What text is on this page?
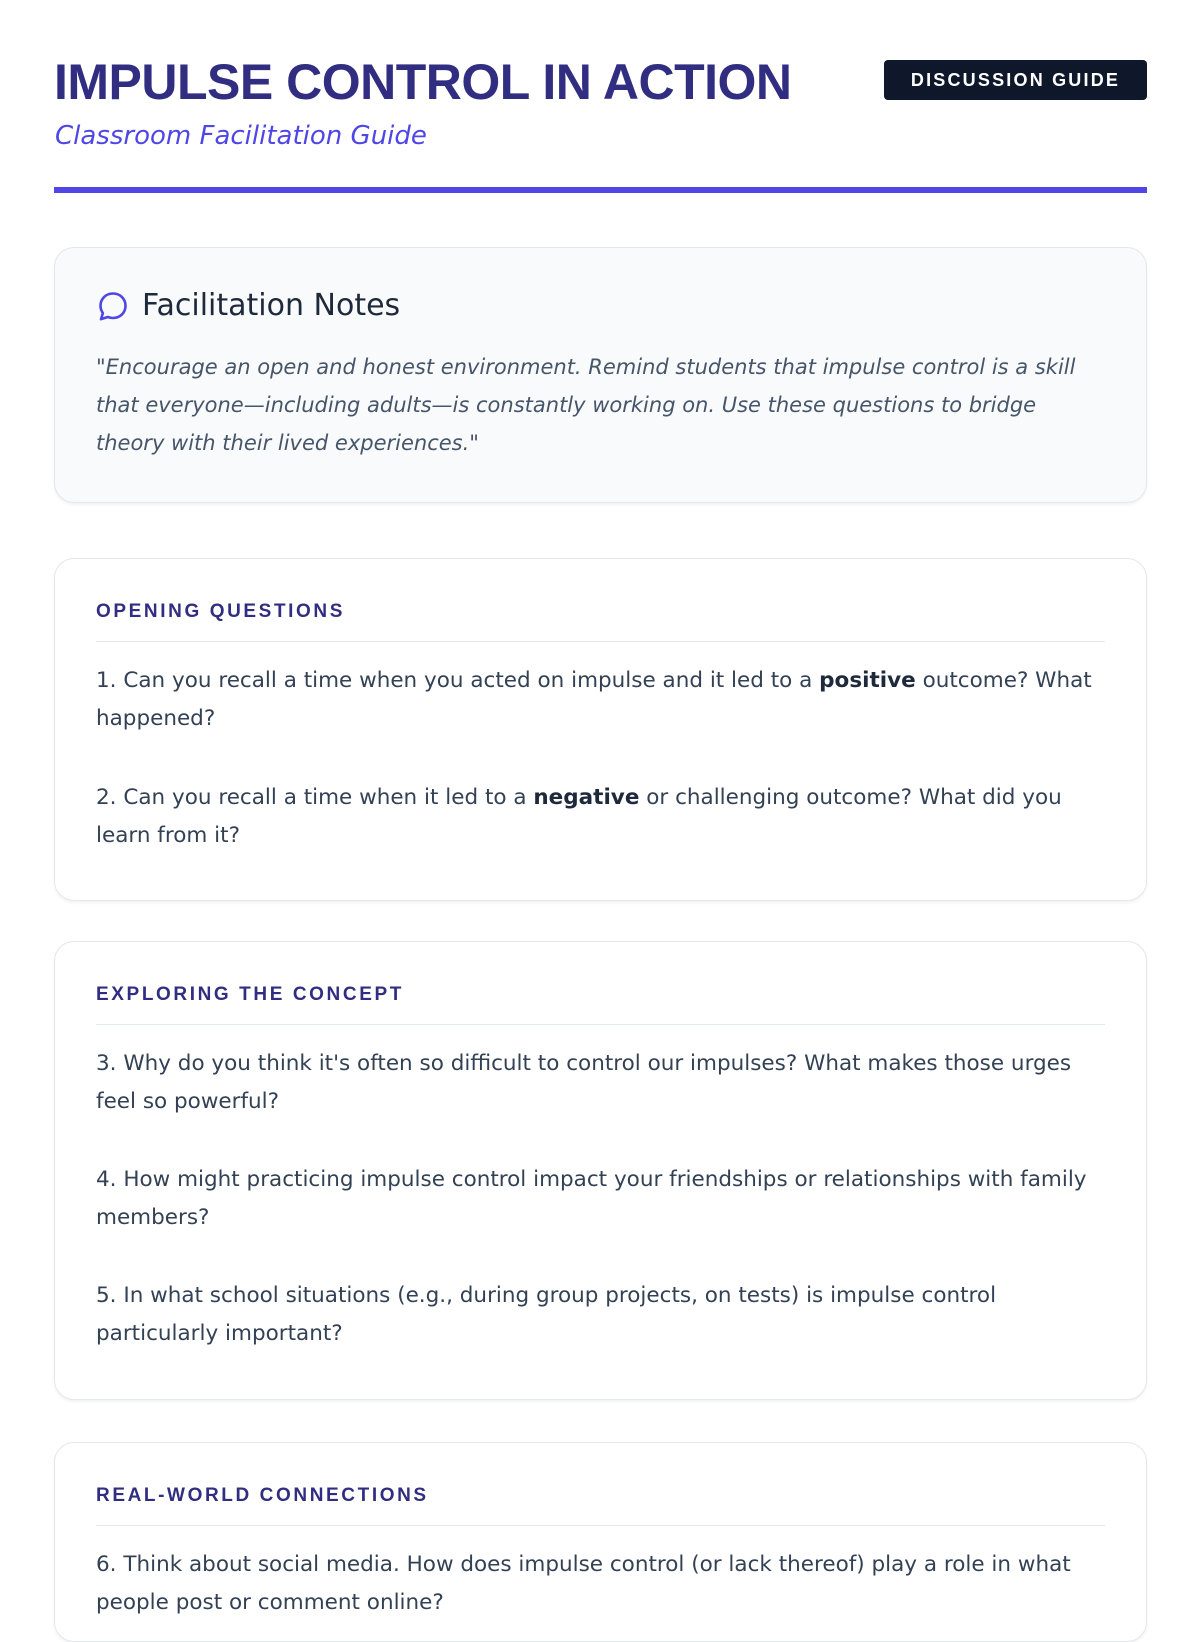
IMPULSE CONTROL IN ACTION
Classroom Facilitation Guide
DISCUSSION GUIDE
Facilitation Notes

"Encourage an open and honest environment. Remind students that impulse control is a skill that everyone—including adults—is constantly working on. Use these questions to bridge theory with their lived experiences."

OPENING QUESTIONS

1. Can you recall a time when you acted on impulse and it led to a positive outcome? What happened?

2. Can you recall a time when it led to a negative or challenging outcome? What did you learn from it?

EXPLORING THE CONCEPT

3. Why do you think it's often so difficult to control our impulses? What makes those urges feel so powerful?

4. How might practicing impulse control impact your friendships or relationships with family members?

5. In what school situations (e.g., during group projects, on tests) is impulse control particularly important?

REAL-WORLD CONNECTIONS

6. Think about social media. How does impulse control (or lack thereof) play a role in what people post or comment online?
